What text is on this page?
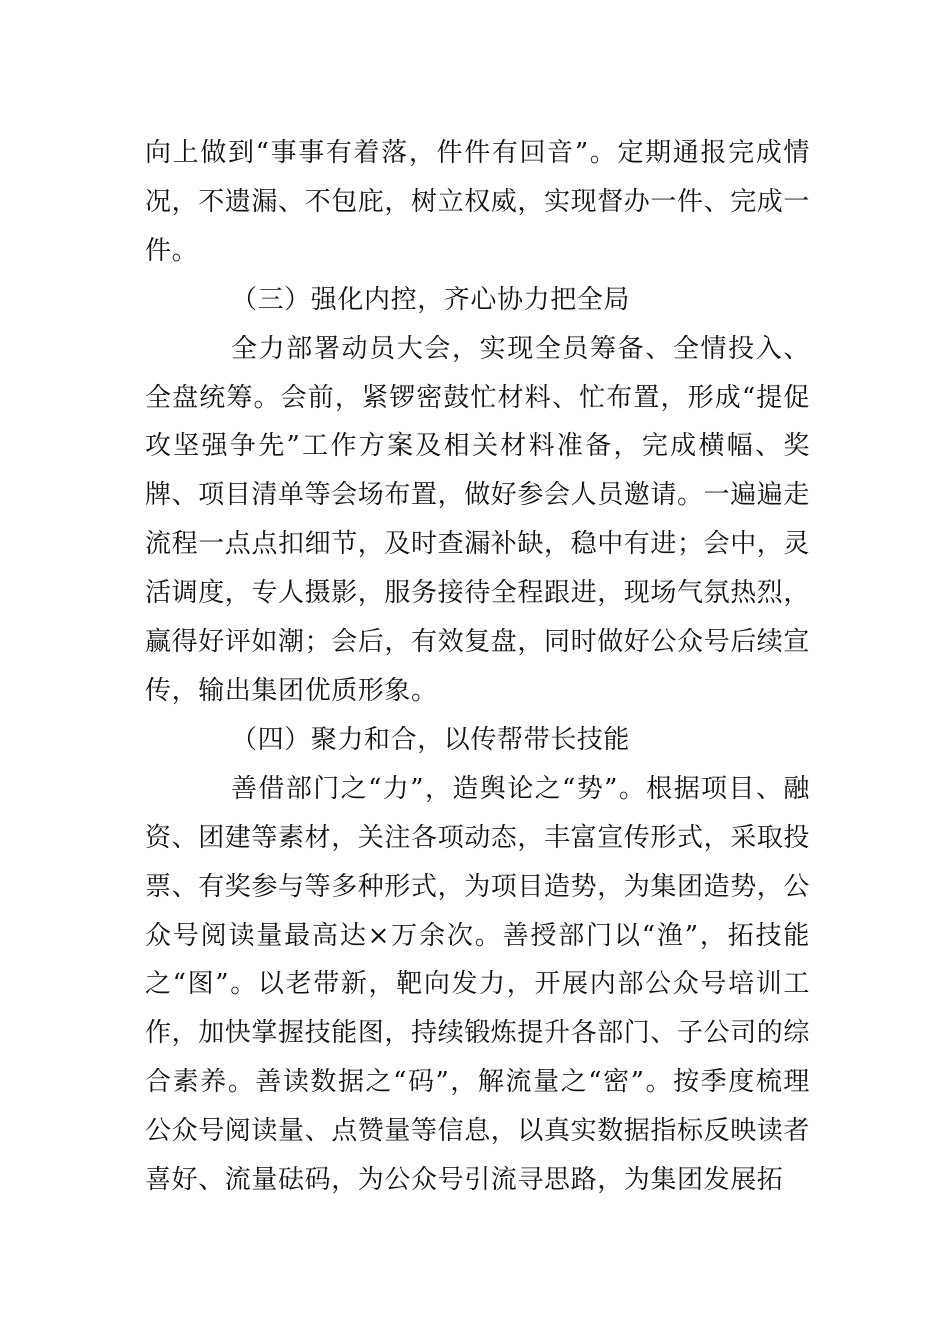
向上做到“事事有着落，件件有回音”。定期通报完成情况，不遗漏、不包庇，树立权威，实现督办一件、完成一件。

（三）强化内控，齐心协力把全局

全力部署动员大会，实现全员筹备、全情投入、全盘统筹。会前，紧锣密鼓忙材料、忙布置，形成“提促攻坚强争先”工作方案及相关材料准备，完成横幅、奖牌、项目清单等会场布置，做好参会人员邀请。一遍遍走流程一点点扣细节，及时查漏补缺，稳中有进；会中，灵活调度，专人摄影，服务接待全程跟进，现场气氛热烈，赢得好评如潮；会后，有效复盘，同时做好公众号后续宣传，输出集团优质形象。

（四）聚力和合，以传帮带长技能

善借部门之“力”，造舆论之“势”。根据项目、融资、团建等素材，关注各项动态，丰富宣传形式，采取投票、有奖参与等多种形式，为项目造势，为集团造势，公众号阅读量最高达×万余次。善授部门以“渔”，拓技能之“图”。以老带新，靶向发力，开展内部公众号培训工作，加快掌握技能图，持续锻炼提升各部门、子公司的综合素养。善读数据之“码”，解流量之“密”。按季度梳理公众号阅读量、点赞量等信息，以真实数据指标反映读者喜好、流量砝码，为公众号引流寻思路，为集团发展拓
